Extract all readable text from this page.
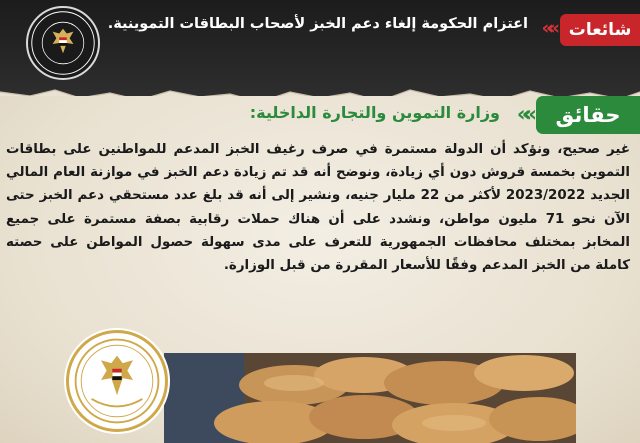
شائعات
»»
اعتزام الحكومة إلغاء دعم الخبز لأصحاب البطاقات التموينية.
حقائق
»»
وزارة التموين والتجارة الداخلية:

غير صحيح، ونؤكد أن الدولة مستمرة في صرف رغيف الخبز المدعم للمواطنين على بطاقات التموين بخمسة قروش دون أي زيادة، ونوضح أنه قد تم زيادة دعم الخبز في موازنة العام المالي الجديد 2023/2022 لأكثر من 22 مليار جنيه، ونشير إلى أنه قد بلغ عدد مستحقي دعم الخبز حتى الآن نحو 71 مليون مواطن، ونشدد على أن هناك حملات رقابية بصفة مستمرة على جميع المخابز بمختلف محافظات الجمهورية للتعرف على مدى سهولة حصول المواطن على حصته كاملة من الخبز المدعم وفقًا للأسعار المقررة من قبل الوزارة.
